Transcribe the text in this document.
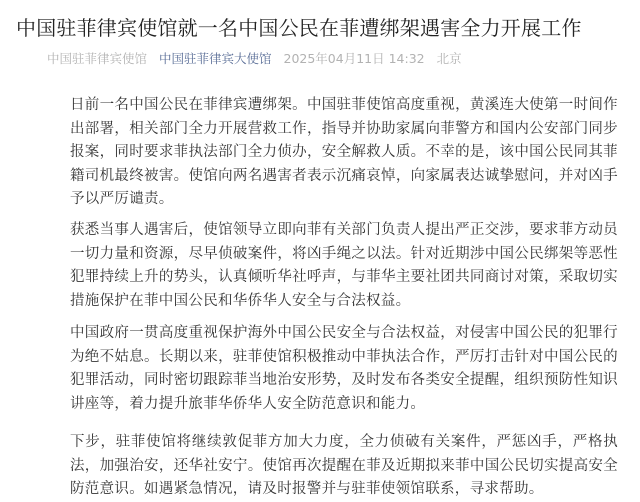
中国驻菲律宾使馆就一名中国公民在菲遭绑架遇害全力开展工作
中国驻菲律宾使馆 中国驻菲律宾大使馆 2025年04月11日 14:32 北京

日前一名中国公民在菲律宾遭绑架。中国驻菲使馆高度重视，黄溪连大使第一时间作出部署，相关部门全力开展营救工作，指导并协助家属向菲警方和国内公安部门同步报案，同时要求菲执法部门全力侦办，安全解救人质。不幸的是，该中国公民同其菲籍司机最终被害。使馆向两名遇害者表示沉痛哀悼，向家属表达诚挚慰问，并对凶手予以严厉谴责。

获悉当事人遇害后，使馆领导立即向菲有关部门负责人提出严正交涉，要求菲方动员一切力量和资源，尽早侦破案件，将凶手绳之以法。针对近期涉中国公民绑架等恶性犯罪持续上升的势头，认真倾听华社呼声，与菲华主要社团共同商讨对策，采取切实措施保护在菲中国公民和华侨华人安全与合法权益。

中国政府一贯高度重视保护海外中国公民安全与合法权益，对侵害中国公民的犯罪行为绝不姑息。长期以来，驻菲使馆积极推动中菲执法合作，严厉打击针对中国公民的犯罪活动，同时密切跟踪菲当地治安形势，及时发布各类安全提醒，组织预防性知识讲座等，着力提升旅菲华侨华人安全防范意识和能力。

下步，驻菲使馆将继续敦促菲方加大力度，全力侦破有关案件，严惩凶手，严格执法，加强治安，还华社安宁。使馆再次提醒在菲及近期拟来菲中国公民切实提高安全防范意识。如遇紧急情况，请及时报警并与驻菲使领馆联系，寻求帮助。
